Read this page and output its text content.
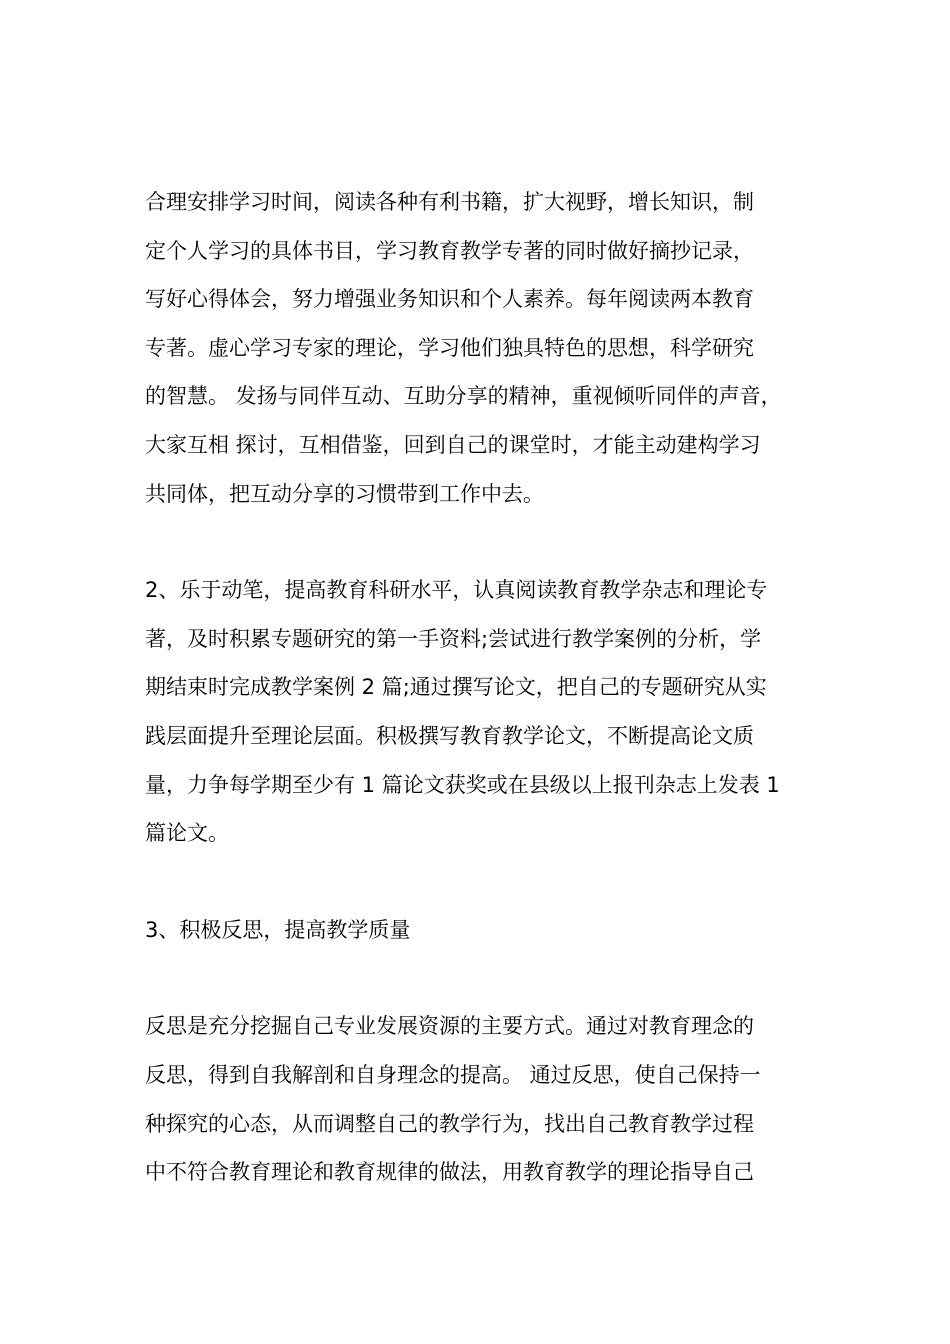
合理安排学习时间，阅读各种有利书籍，扩大视野，增长知识，制
定个人学习的具体书目，学习教育教学专著的同时做好摘抄记录，
写好心得体会，努力增强业务知识和个人素养。每年阅读两本教育
专著。虚心学习专家的理论，学习他们独具特色的思想，科学研究
的智慧。 发扬与同伴互动、互助分享的精神，重视倾听同伴的声音，
大家互相 探讨，互相借鉴，回到自己的课堂时，才能主动建构学习
共同体，把互动分享的习惯带到工作中去。

2、乐于动笔，提高教育科研水平，认真阅读教育教学杂志和理论专
著，及时积累专题研究的第一手资料;尝试进行教学案例的分析，学
期结束时完成教学案例 2 篇;通过撰写论文，把自己的专题研究从实
践层面提升至理论层面。积极撰写教育教学论文，不断提高论文质
量，力争每学期至少有 1 篇论文获奖或在县级以上报刊杂志上发表 1
篇论文。

3、积极反思，提高教学质量

反思是充分挖掘自己专业发展资源的主要方式。通过对教育理念的
反思，得到自我解剖和自身理念的提高。 通过反思，使自己保持一
种探究的心态，从而调整自己的教学行为，找出自己教育教学过程
中不符合教育理论和教育规律的做法，用教育教学的理论指导自己
